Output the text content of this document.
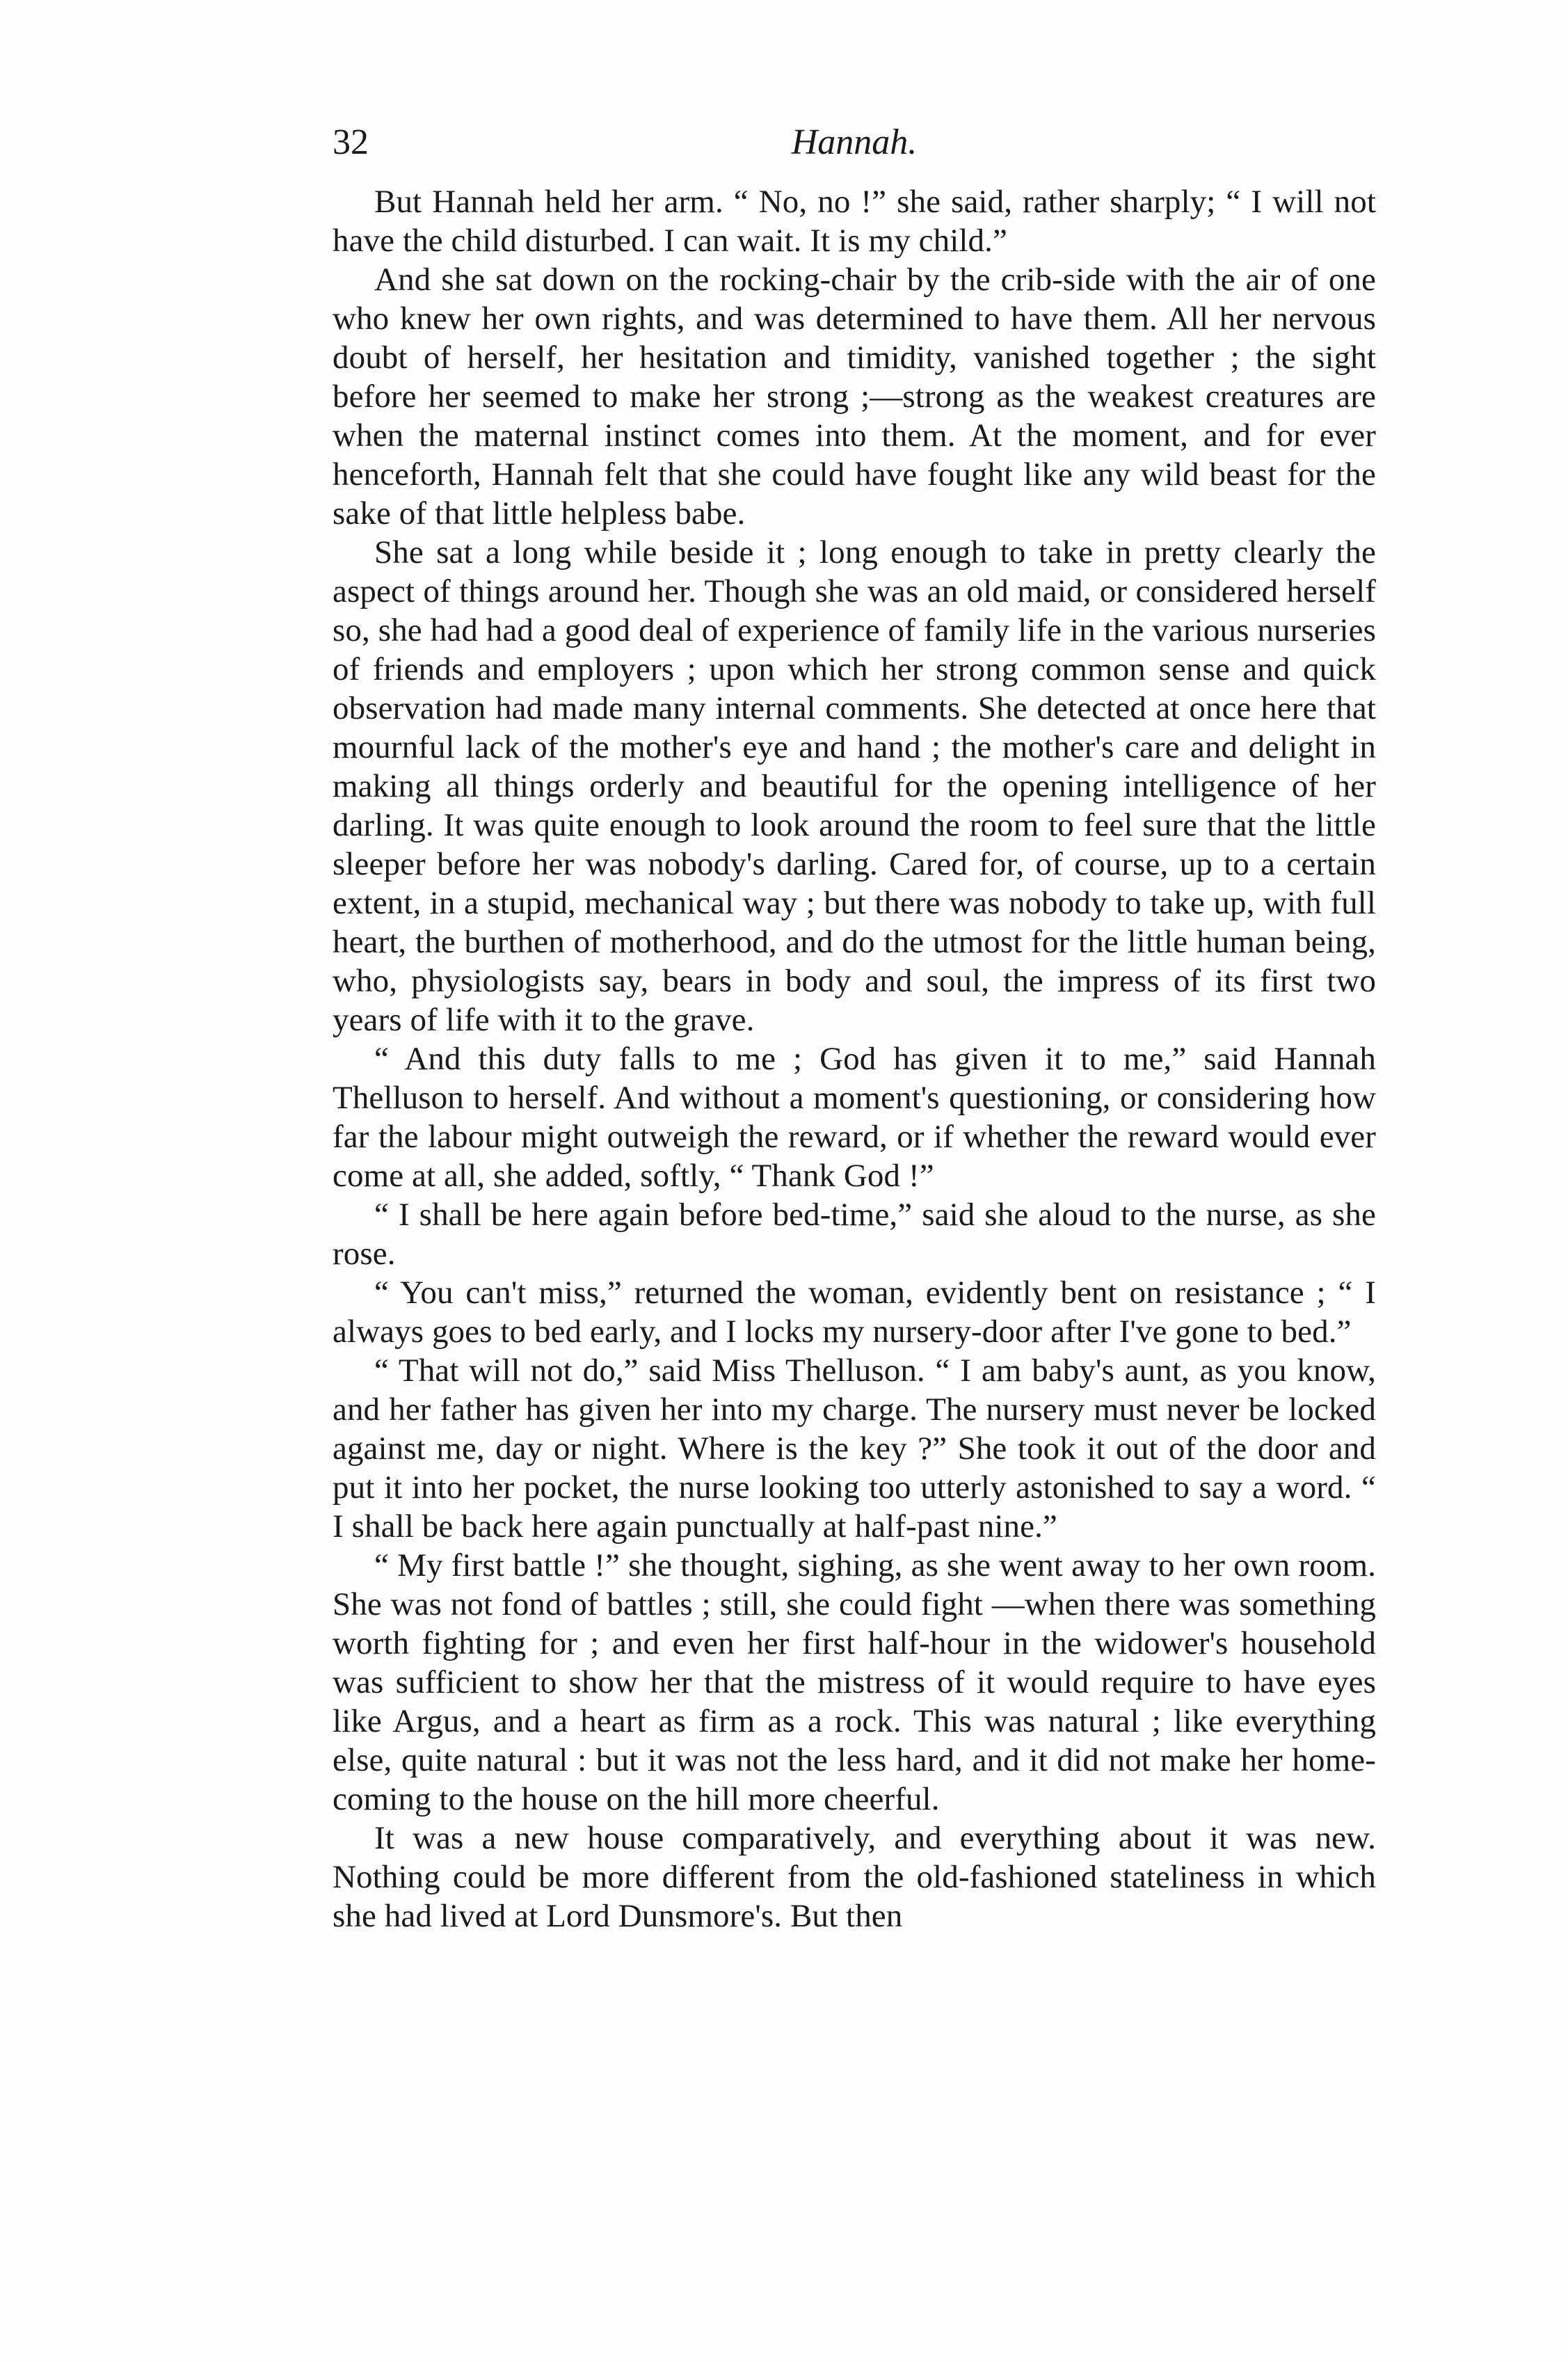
32	Hannah.

But Hannah held her arm. “ No, no !” she said, rather sharply; “ I will not have the child disturbed. I can wait. It is my child.”

And she sat down on the rocking-chair by the crib-side with the air of one who knew her own rights, and was determined to have them. All her nervous doubt of herself, her hesitation and timidity, vanished together ; the sight before her seemed to make her strong ;—strong as the weakest creatures are when the maternal instinct comes into them. At the moment, and for ever henceforth, Hannah felt that she could have fought like any wild beast for the sake of that little helpless babe.

She sat a long while beside it ; long enough to take in pretty clearly the aspect of things around her. Though she was an old maid, or considered herself so, she had had a good deal of experience of family life in the various nurseries of friends and employers ; upon which her strong common sense and quick observation had made many internal comments. She detected at once here that mournful lack of the mother's eye and hand ; the mother's care and delight in making all things orderly and beautiful for the opening intelligence of her darling. It was quite enough to look around the room to feel sure that the little sleeper before her was nobody's darling. Cared for, of course, up to a certain extent, in a stupid, mechanical way ; but there was nobody to take up, with full heart, the burthen of motherhood, and do the utmost for the little human being, who, physiologists say, bears in body and soul, the impress of its first two years of life with it to the grave.

“ And this duty falls to me ; God has given it to me,” said Hannah Thelluson to herself. And without a moment's questioning, or considering how far the labour might outweigh the reward, or if whether the reward would ever come at all, she added, softly, “ Thank God !”

“ I shall be here again before bed-time,” said she aloud to the nurse, as she rose.

“ You can't miss,” returned the woman, evidently bent on resistance ; “ I always goes to bed early, and I locks my nursery-door after I've gone to bed.”

“ That will not do,” said Miss Thelluson. “ I am baby's aunt, as you know, and her father has given her into my charge. The nursery must never be locked against me, day or night. Where is the key ?” She took it out of the door and put it into her pocket, the nurse looking too utterly astonished to say a word. “ I shall be back here again punctually at half-past nine.”

“ My first battle !” she thought, sighing, as she went away to her own room. She was not fond of battles ; still, she could fight —when there was something worth fighting for ; and even her first half-hour in the widower's household was sufficient to show her that the mistress of it would require to have eyes like Argus, and a heart as firm as a rock. This was natural ; like everything else, quite natural : but it was not the less hard, and it did not make her home-coming to the house on the hill more cheerful.

It was a new house comparatively, and everything about it was new. Nothing could be more different from the old-fashioned stateliness in which she had lived at Lord Dunsmore's. But then
